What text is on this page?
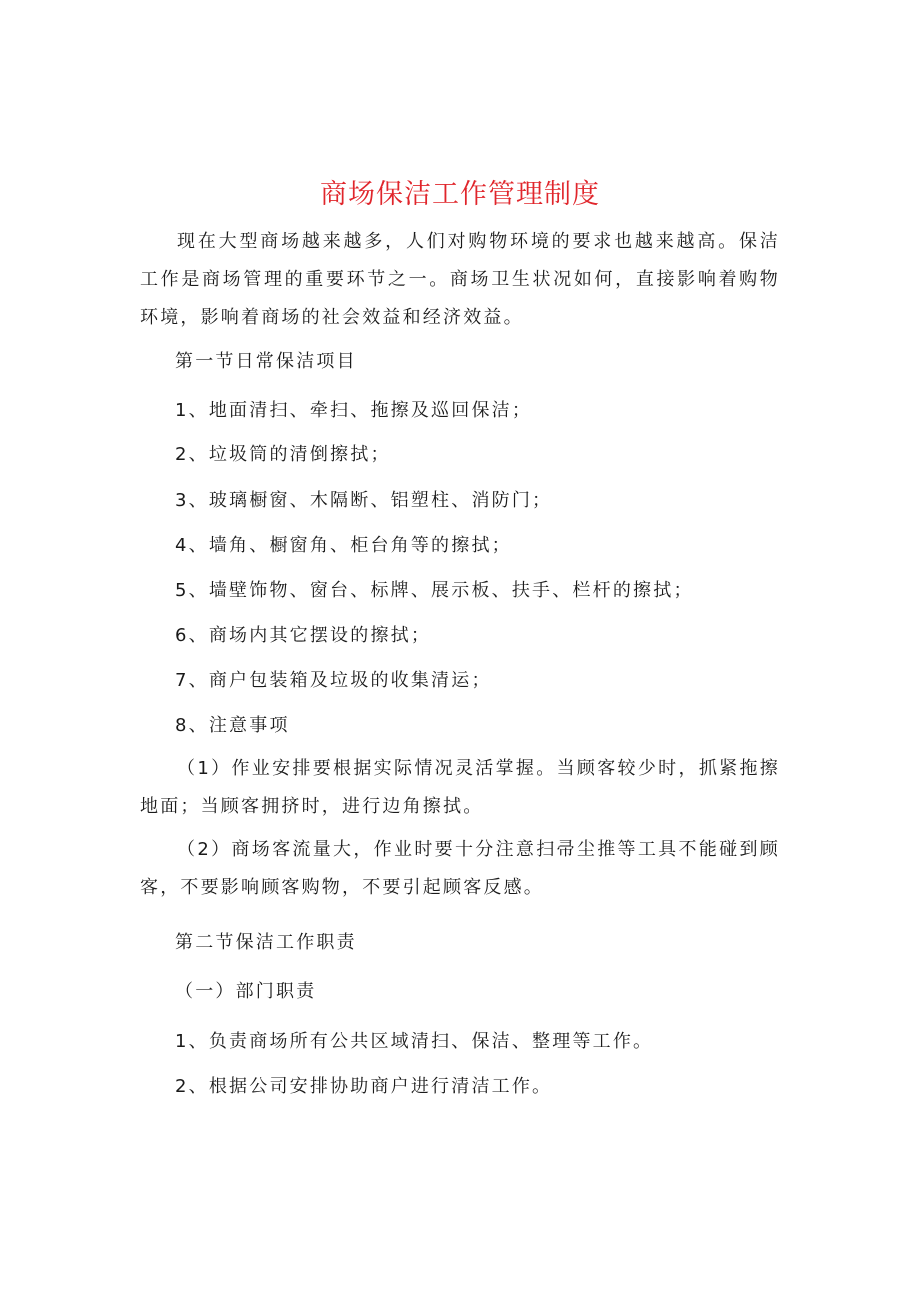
商场保洁工作管理制度
现在大型商场越来越多，人们对购物环境的要求也越来越高。保洁工作是商场管理的重要环节之一。商场卫生状况如何，直接影响着购物环境，影响着商场的社会效益和经济效益。
第一节日常保洁项目
1、地面清扫、牵扫、拖擦及巡回保洁；
2、垃圾筒的清倒擦拭；
3、玻璃橱窗、木隔断、铝塑柱、消防门；
4、墙角、橱窗角、柜台角等的擦拭；
5、墙壁饰物、窗台、标牌、展示板、扶手、栏杆的擦拭；
6、商场内其它摆设的擦拭；
7、商户包装箱及垃圾的收集清运；
8、注意事项
（1）作业安排要根据实际情况灵活掌握。当顾客较少时，抓紧拖擦地面；当顾客拥挤时，进行边角擦拭。
（2）商场客流量大，作业时要十分注意扫帚尘推等工具不能碰到顾客，不要影响顾客购物，不要引起顾客反感。
第二节保洁工作职责
（一）部门职责
1、负责商场所有公共区域清扫、保洁、整理等工作。
2、根据公司安排协助商户进行清洁工作。
